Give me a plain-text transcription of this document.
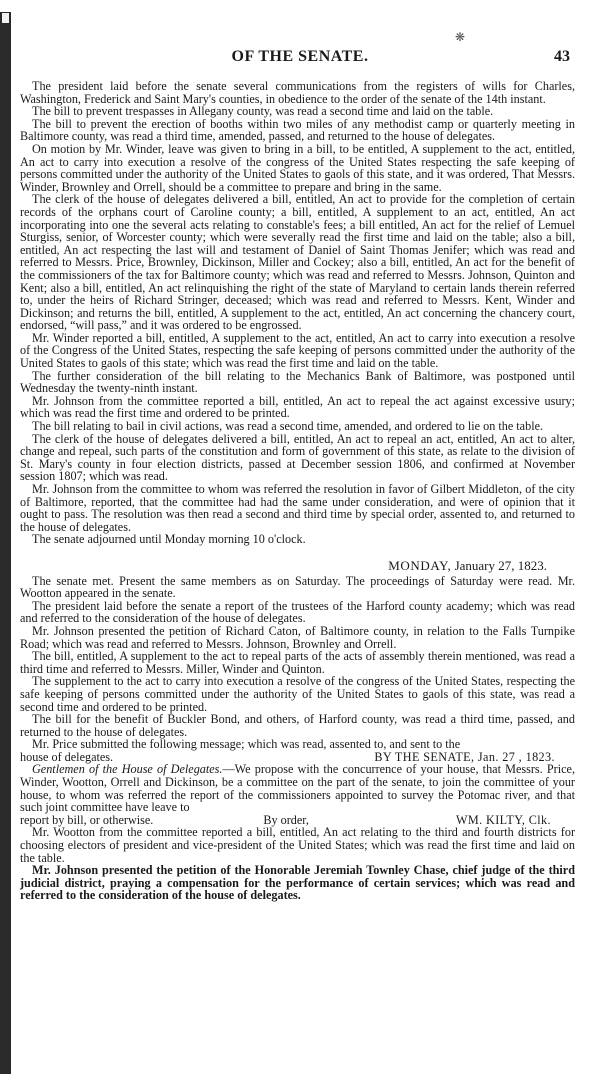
❋
OF THE SENATE.	43

The president laid before the senate several communications from the registers of wills for Charles, Washington, Frederick and Saint Mary's counties, in obedience to the order of the senate of the 14th instant.

The bill to prevent trespasses in Allegany county, was read a second time and laid on the table.

The bill to prevent the erection of booths within two miles of any methodist camp or quarterly meeting in Baltimore county, was read a third time, amended, passed, and returned to the house of delegates.

On motion by Mr. Winder, leave was given to bring in a bill, to be entitled, A supplement to the act, entitled, An act to carry into execution a resolve of the congress of the United States respecting the safe keeping of persons committed under the authority of the United States to gaols of this state, and it was ordered, That Messrs. Winder, Brownley and Orrell, should be a committee to prepare and bring in the same.

The clerk of the house of delegates delivered a bill, entitled, An act to provide for the completion of certain records of the orphans court of Caroline county; a bill, entitled, A supplement to an act, entitled, An act incorporating into one the several acts relating to constable's fees; a bill entitled, An act for the relief of Lemuel Sturgiss, senior, of Worcester county; which were severally read the first time and laid on the table; also a bill, entitled, An act respecting the last will and testament of Daniel of Saint Thomas Jenifer; which was read and referred to Messrs. Price, Brownley, Dickinson, Miller and Cockey; also a bill, entitled, An act for the benefit of the commissioners of the tax for Baltimore county; which was read and referred to Messrs. Johnson, Quinton and Kent; also a bill, entitled, An act relinquishing the right of the state of Maryland to certain lands therein referred to, under the heirs of Richard Stringer, deceased; which was read and referred to Messrs. Kent, Winder and Dickinson; and returns the bill, entitled, A supplement to the act, entitled, An act concerning the chancery court, endorsed, “will pass,” and it was ordered to be engrossed.

Mr. Winder reported a bill, entitled, A supplement to the act, entitled, An act to carry into execution a resolve of the Congress of the United States, respecting the safe keeping of persons committed under the authority of the United States to gaols of this state; which was read the first time and laid on the table.

The further consideration of the bill relating to the Mechanics Bank of Baltimore, was postponed until Wednesday the twenty-ninth instant.

Mr. Johnson from the committee reported a bill, entitled, An act to repeal the act against excessive usury; which was read the first time and ordered to be printed.

The bill relating to bail in civil actions, was read a second time, amended, and ordered to lie on the table.

The clerk of the house of delegates delivered a bill, entitled, An act to repeal an act, entitled, An act to alter, change and repeal, such parts of the constitution and form of government of this state, as relate to the division of St. Mary's county in four election districts, passed at December session 1806, and confirmed at November session 1807; which was read.

Mr. Johnson from the committee to whom was referred the resolution in favor of Gilbert Middleton, of the city of Baltimore, reported, that the committee had had the same under consideration, and were of opinion that it ought to pass. The resolution was then read a second and third time by special order, assented to, and returned to the house of delegates.

The senate adjourned until Monday morning 10 o'clock.

MONDAY, January 27, 1823.

The senate met. Present the same members as on Saturday. The proceedings of Saturday were read. Mr. Wootton appeared in the senate.

The president laid before the senate a report of the trustees of the Harford county academy; which was read and referred to the consideration of the house of delegates.

Mr. Johnson presented the petition of Richard Caton, of Baltimore county, in relation to the Falls Turnpike Road; which was read and referred to Messrs. Johnson, Brownley and Orrell.

The bill, entitled, A supplement to the act to repeal parts of the acts of assembly therein mentioned, was read a third time and referred to Messrs. Miller, Winder and Quinton.

The supplement to the act to carry into execution a resolve of the congress of the United States, respecting the safe keeping of persons committed under the authority of the United States to gaols of this state, was read a second time and ordered to be printed.

The bill for the benefit of Buckler Bond, and others, of Harford county, was read a third time, passed, and returned to the house of delegates.

Mr. Price submitted the following message; which was read, assented to, and sent to the

house of delegates.	BY THE SENATE, Jan. 27 , 1823.

Gentlemen of the House of Delegates.—We propose with the concurrence of your house, that Messrs. Price, Winder, Wootton, Orrell and Dickinson, be a committee on the part of the senate, to join the committee of your house, to whom was referred the report of the commissioners appointed to survey the Potomac river, and that such joint committee have leave to

report by bill, or otherwise.	By order,	WM. KILTY, Clk.

Mr. Wootton from the committee reported a bill, entitled, An act relating to the third and fourth districts for choosing electors of president and vice-president of the United States; which was read the first time and laid on the table.

Mr. Johnson presented the petition of the Honorable Jeremiah Townley Chase, chief judge of the third judicial district, praying a compensation for the performance of certain services; which was read and referred to the consideration of the house of delegates.
